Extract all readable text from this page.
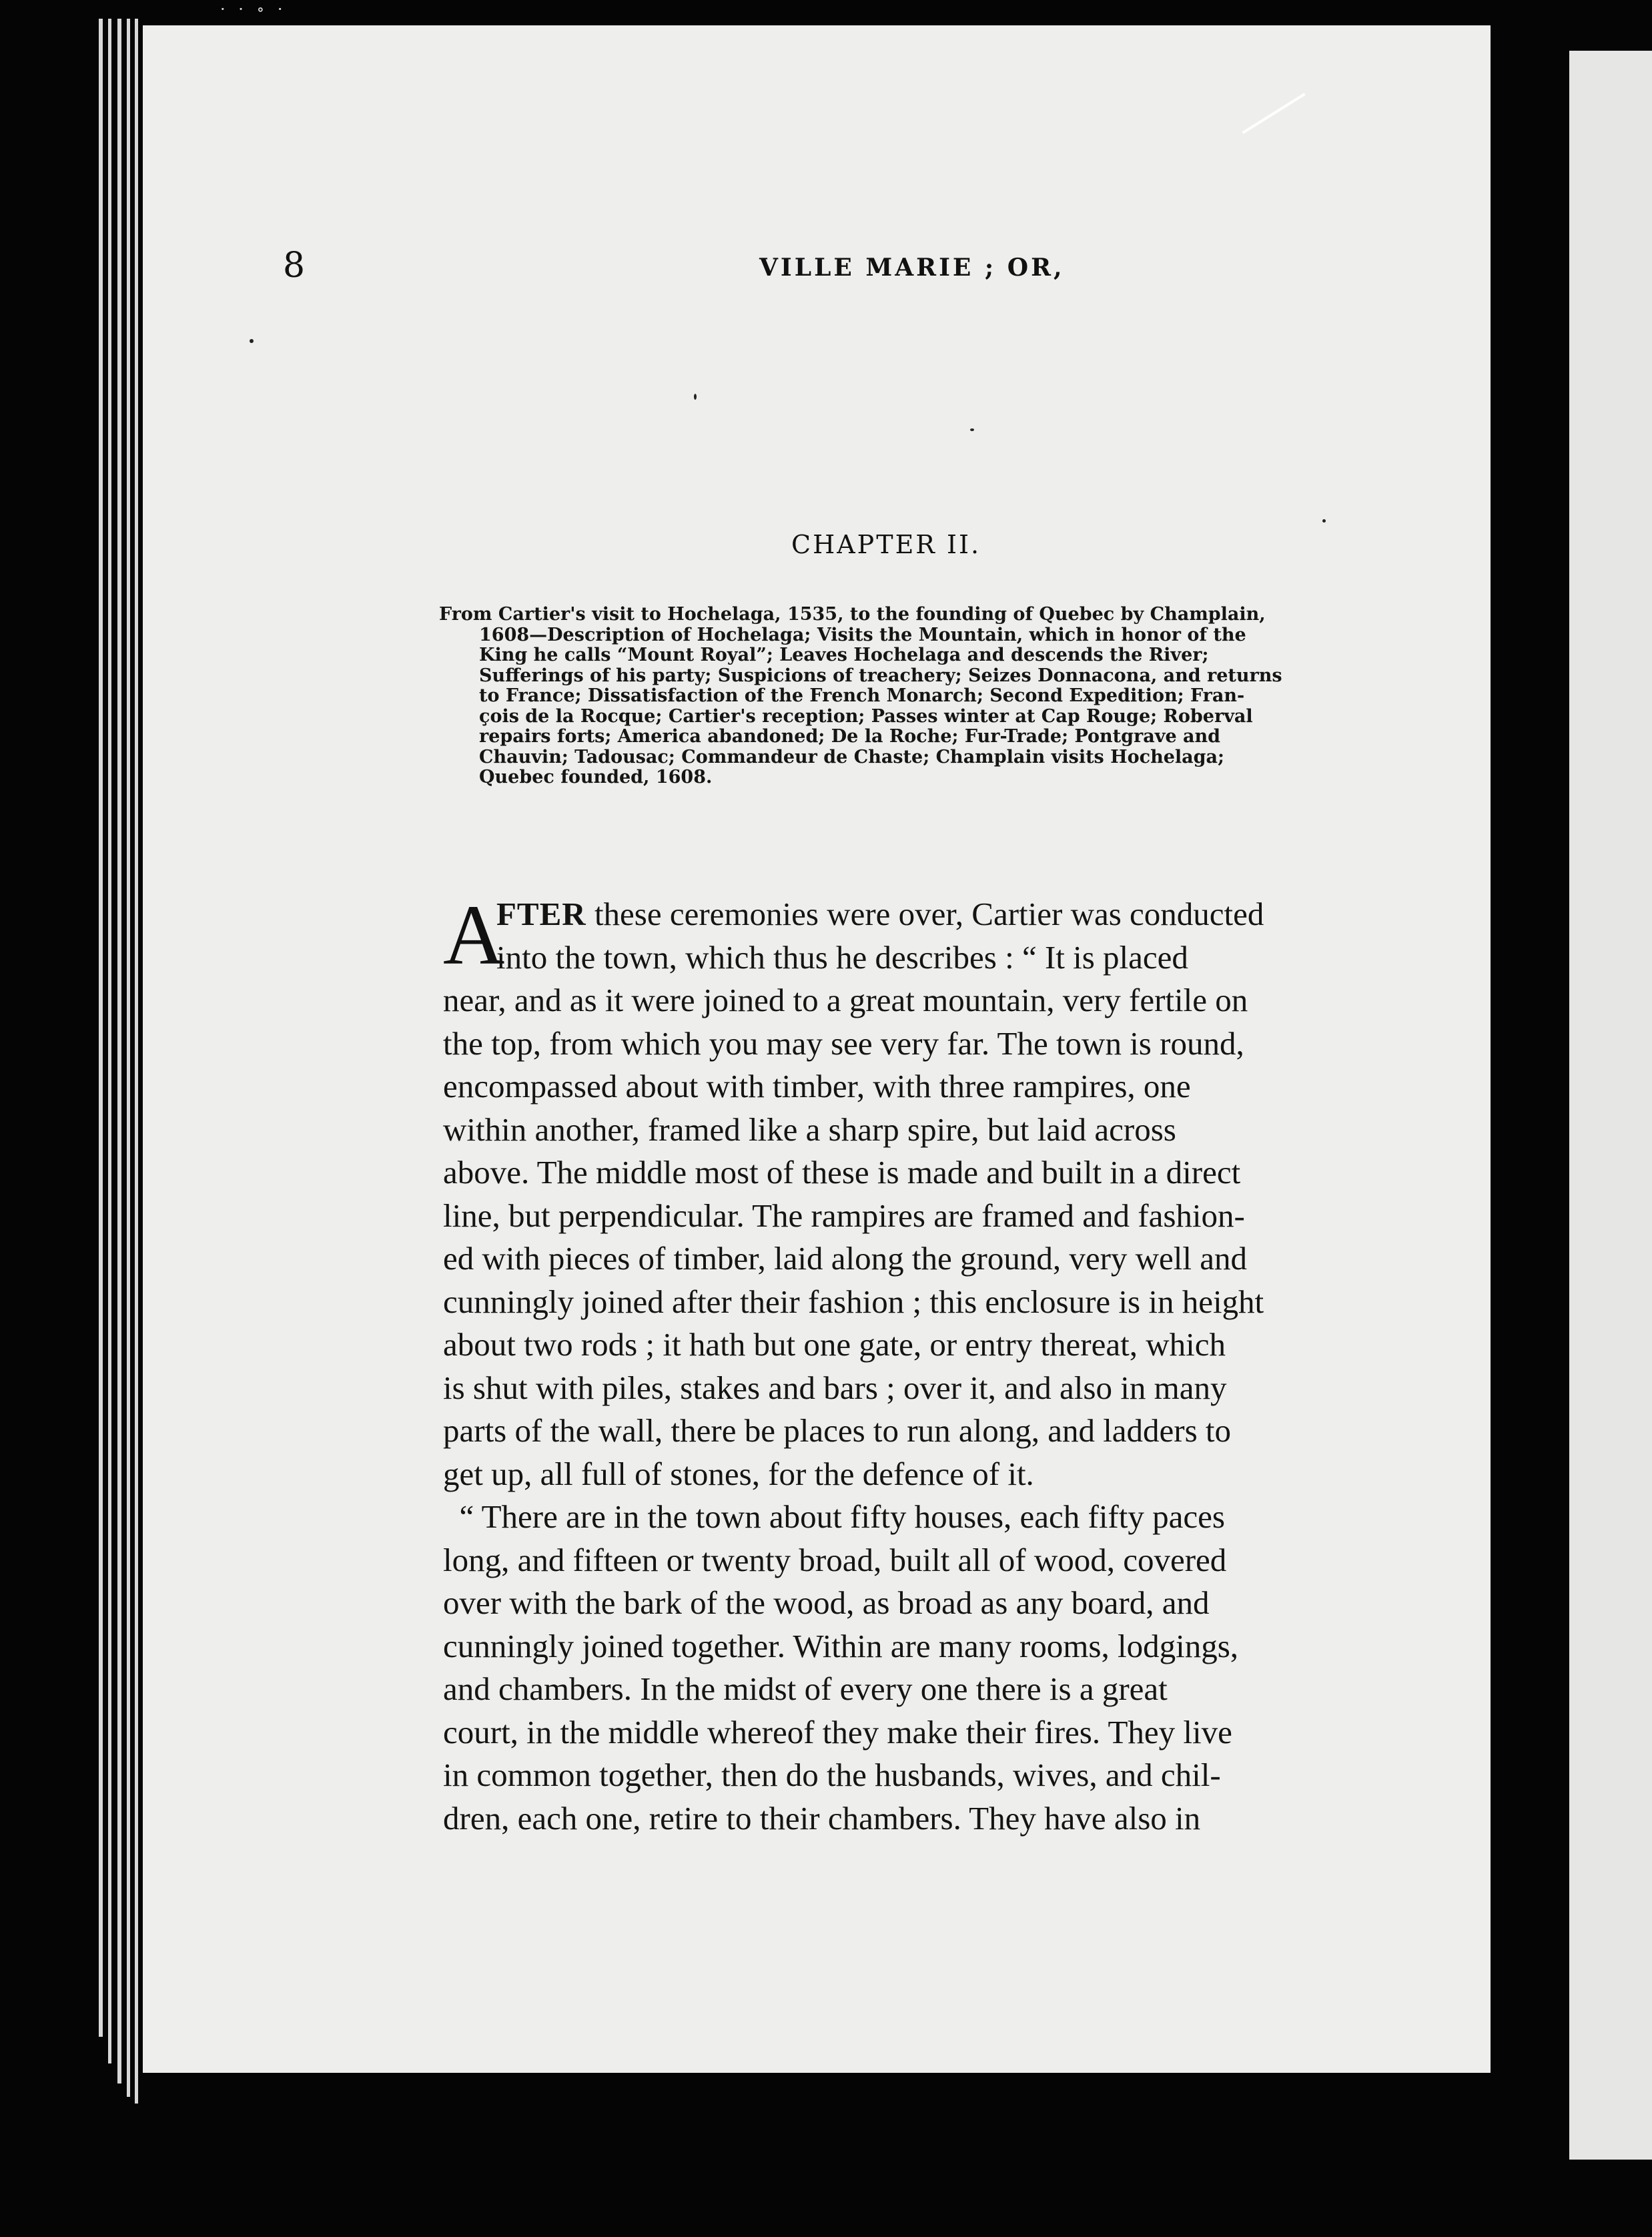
· · ∘ ·
8	VILLE MARIE ; OR,
CHAPTER II.
From Cartier's visit to Hochelaga, 1535, to the founding of Quebec by Champlain,
1608—Description of Hochelaga; Visits the Mountain, which in honor of the
King he calls “Mount Royal”; Leaves Hochelaga and descends the River;
Sufferings of his party; Suspicions of treachery; Seizes Donnacona, and returns
to France; Dissatisfaction of the French Monarch; Second Expedition; Fran-
çois de la Rocque; Cartier's reception; Passes winter at Cap Rouge; Roberval
repairs forts; America abandoned; De la Roche; Fur-Trade; Pontgrave and
Chauvin; Tadousac; Commandeur de Chaste; Champlain visits Hochelaga;
Quebec founded, 1608.
A
FTER these ceremonies were over, Cartier was conducted
into the town, which thus he describes : “ It is placed
near, and as it were joined to a great mountain, very fertile on
the top, from which you may see very far. The town is round,
encompassed about with timber, with three rampires, one
within another, framed like a sharp spire, but laid across
above. The middle most of these is made and built in a direct
line, but perpendicular. The rampires are framed and fashion-
ed with pieces of timber, laid along the ground, very well and
cunningly joined after their fashion ; this enclosure is in height
about two rods ; it hath but one gate, or entry thereat, which
is shut with piles, stakes and bars ; over it, and also in many
parts of the wall, there be places to run along, and ladders to
get up, all full of stones, for the defence of it.
“ There are in the town about fifty houses, each fifty paces
long, and fifteen or twenty broad, built all of wood, covered
over with the bark of the wood, as broad as any board, and
cunningly joined together. Within are many rooms, lodgings,
and chambers. In the midst of every one there is a great
court, in the middle whereof they make their fires. They live
in common together, then do the husbands, wives, and chil-
dren, each one, retire to their chambers. They have also in
